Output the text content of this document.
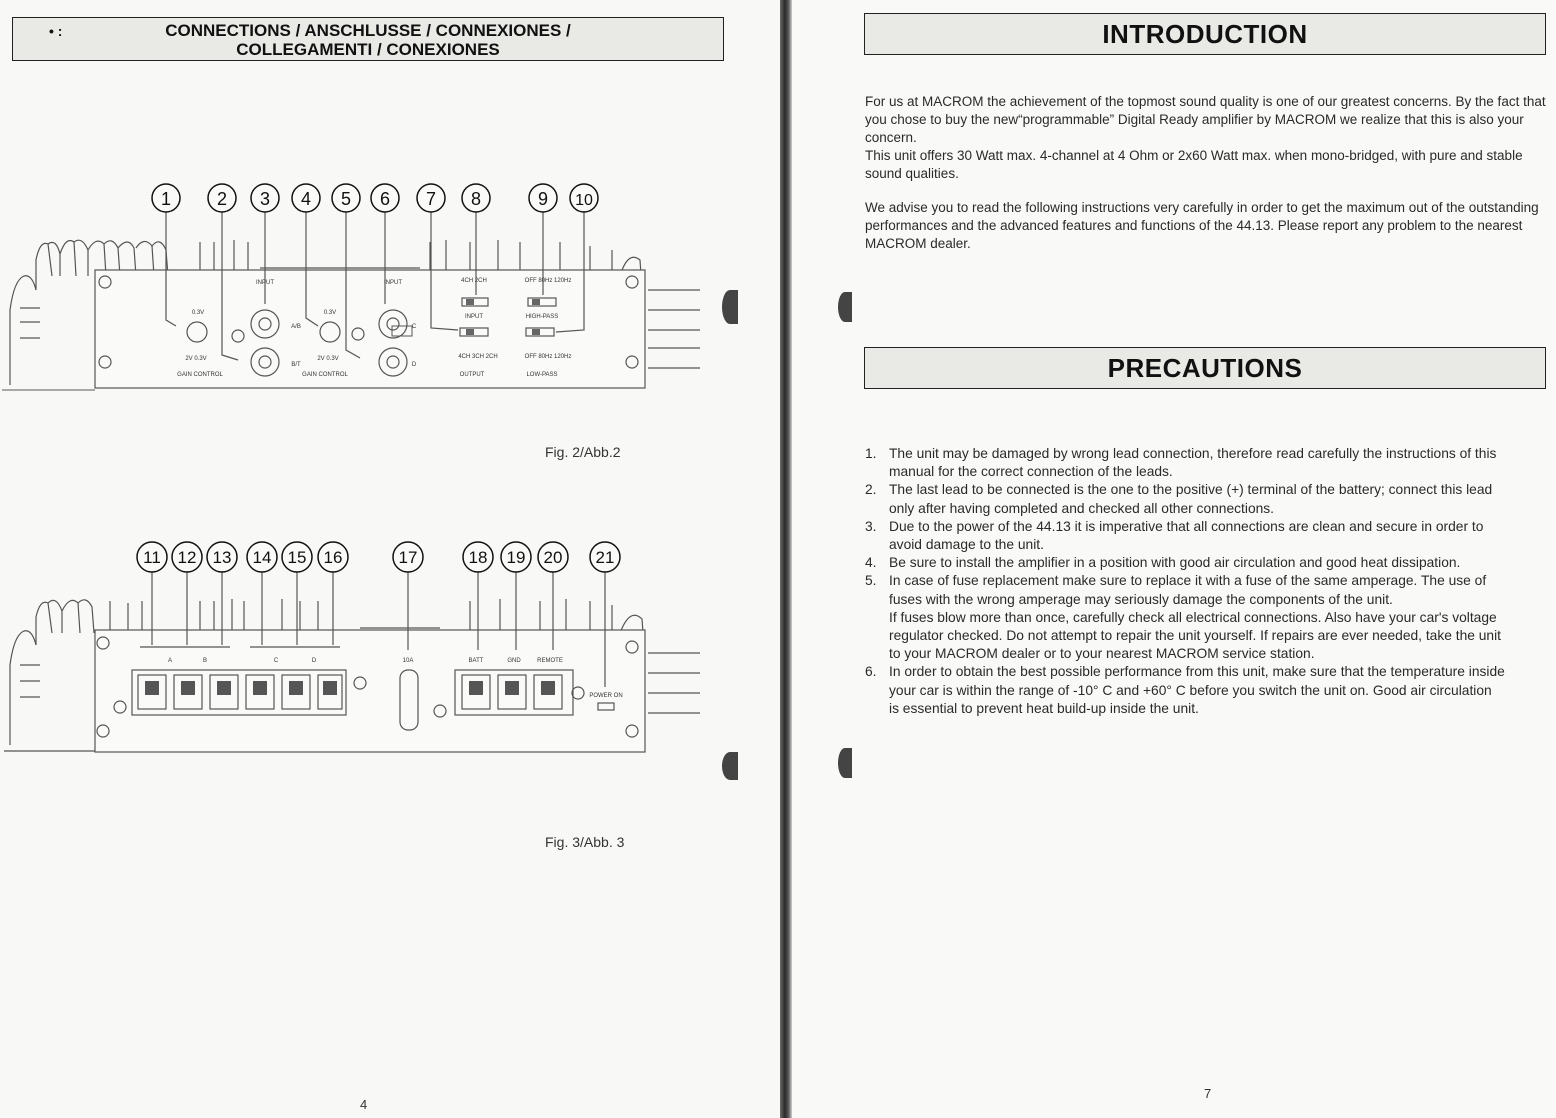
• :	CONNECTIONS / ANSCHLUSSE / CONNEXIONES /
COLLEGAMENTI / CONEXIONES
1	2 3 4 5 6 7 8	9 10
INPUT	INPUT
A/B
B/T
C
D
0.3V
2V 0.3V
GAIN CONTROL
0.3V
2V 0.3V
GAIN CONTROL
4CH 2CH
INPUT
4CH 3CH 2CH
OUTPUT
OFF 80Hz 120Hz
HIGH-PASS
OFF 80Hz 120Hz
LOW-PASS
Fig. 2/Abb.2
11 12 13 14 15 16	17	18 19 20 21
A	B	C	D	10A	BATT	GND	REMOTE
POWER ON
Fig. 3/Abb. 3
4
INTRODUCTION

For us at MACROM the achievement of the topmost sound quality is one of our greatest concerns. By the fact that you chose to buy the new“programmable” Digital Ready amplifier by MACROM we realize that this is also your concern.

This unit offers 30 Watt max. 4-channel at 4 Ohm or 2x60 Watt max. when mono-bridged, with pure and stable sound qualities.

We advise you to read the following instructions very carefully in order to get the maximum out of the outstanding performances and the advanced features and functions of the 44.13. Please report any problem to the nearest MACROM dealer.

PRECAUTIONS
1. The unit may be damaged by wrong lead connection, therefore read carefully the instructions of this manual for the correct connection of the leads.
2. The last lead to be connected is the one to the positive (+) terminal of the battery; connect this lead only after having completed and checked all other connections.
3. Due to the power of the 44.13 it is imperative that all connections are clean and secure in order to avoid damage to the unit.
4. Be sure to install the amplifier in a position with good air circulation and good heat dissipation.
5. In case of fuse replacement make sure to replace it with a fuse of the same amperage. The use of fuses with the wrong amperage may seriously damage the components of the unit.
If fuses blow more than once, carefully check all electrical connections. Also have your car's voltage regulator checked. Do not attempt to repair the unit yourself. If repairs are ever needed, take the unit to your MACROM dealer or to your nearest MACROM service station.
6. In order to obtain the best possible performance from this unit, make sure that the temperature inside your car is within the range of -10° C and +60° C before you switch the unit on. Good air circulation is essential to prevent heat build-up inside the unit.
7
